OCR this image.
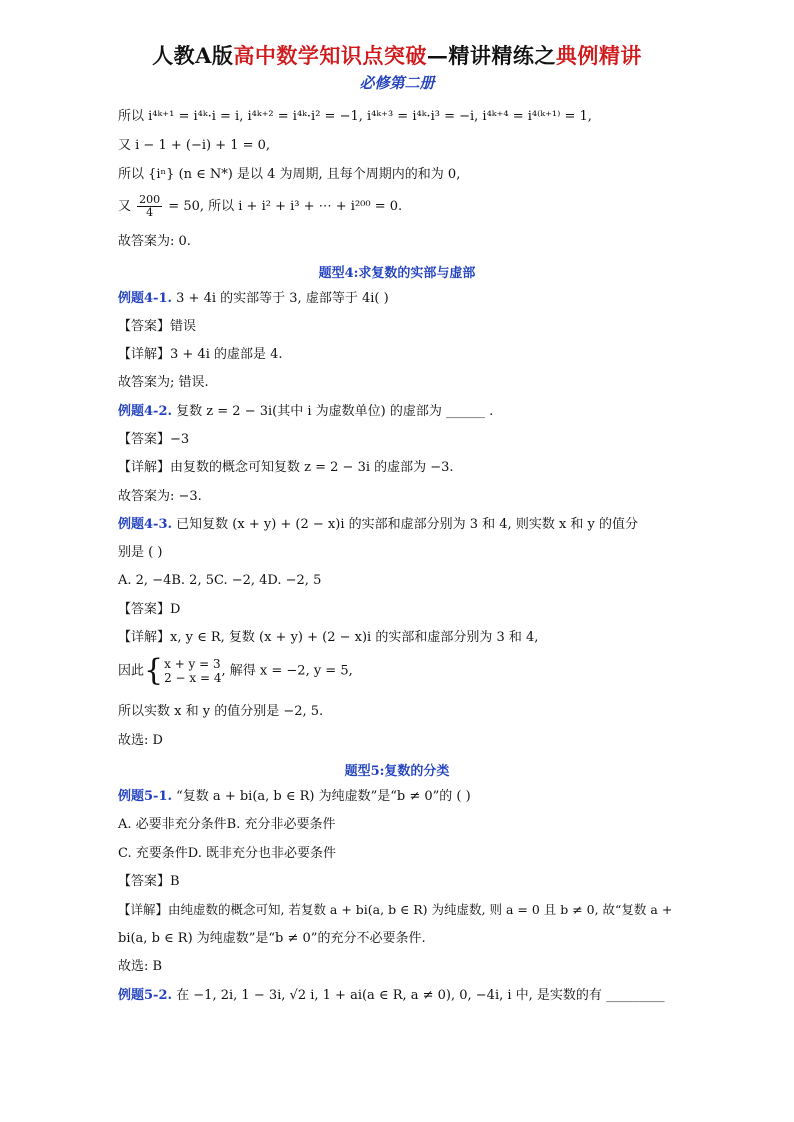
人教A版高中数学知识点突破—精讲精练之典例精讲
必修第二册
所以 i⁴ᵏ⁺¹ = i⁴ᵏ·i = i, i⁴ᵏ⁺² = i⁴ᵏ·i² = −1, i⁴ᵏ⁺³ = i⁴ᵏ·i³ = −i, i⁴ᵏ⁺⁴ = i⁴⁽ᵏ⁺¹⁾ = 1,
又 i − 1 + (−i) + 1 = 0,
所以 {iⁿ} (n ∈ N*) 是以 4 为周期, 且每个周期内的和为 0,
又 $\frac{200}{4} = 50$, 所以 i + i² + i³ + ⋯ + i²⁰⁰ = 0.
故答案为: 0.
题型4:求复数的实部与虚部
例题4-1. 3 + 4i 的实部等于 3, 虚部等于 4i( )
【答案】错误
【详解】3 + 4i 的虚部是 4.
故答案为; 错误.
例题4-2. 复数 z = 2 − 3i(其中 i 为虚数单位) 的虚部为 ______ .
【答案】−3
【详解】由复数的概念可知复数 z = 2 − 3i 的虚部为 −3.
故答案为: −3.
例题4-3. 已知复数 (x + y) + (2 − x)i 的实部和虚部分别为 3 和 4, 则实数 x 和 y 的值分
别是 ( )
A. 2, −4B. 2, 5C. −2, 4D. −2, 5
【答案】D
【详解】x, y ∈ R, 复数 (x + y) + (2 − x)i 的实部和虚部分别为 3 和 4,
因此{ x + y = 3
2 − x = 4 , 解得 x = −2, y = 5,
所以实数 x 和 y 的值分别是 −2, 5.
故选: D
题型5:复数的分类
例题5-1. “复数 a + bi(a, b ∈ R) 为纯虚数”是“b ≠ 0”的 ( )
A. 必要非充分条件B. 充分非必要条件
C. 充要条件D. 既非充分也非必要条件
【答案】B
【详解】由纯虚数的概念可知, 若复数 a + bi(a, b ∈ R) 为纯虚数, 则 a = 0 且 b ≠ 0, 故“复数 a +
bi(a, b ∈ R) 为纯虚数”是“b ≠ 0”的充分不必要条件.
故选: B
例题5-2. 在 −1, 2i, 1 − 3i, √2 i, 1 + ai(a ∈ R, a ≠ 0), 0, −4i, i 中, 是实数的有 _________
